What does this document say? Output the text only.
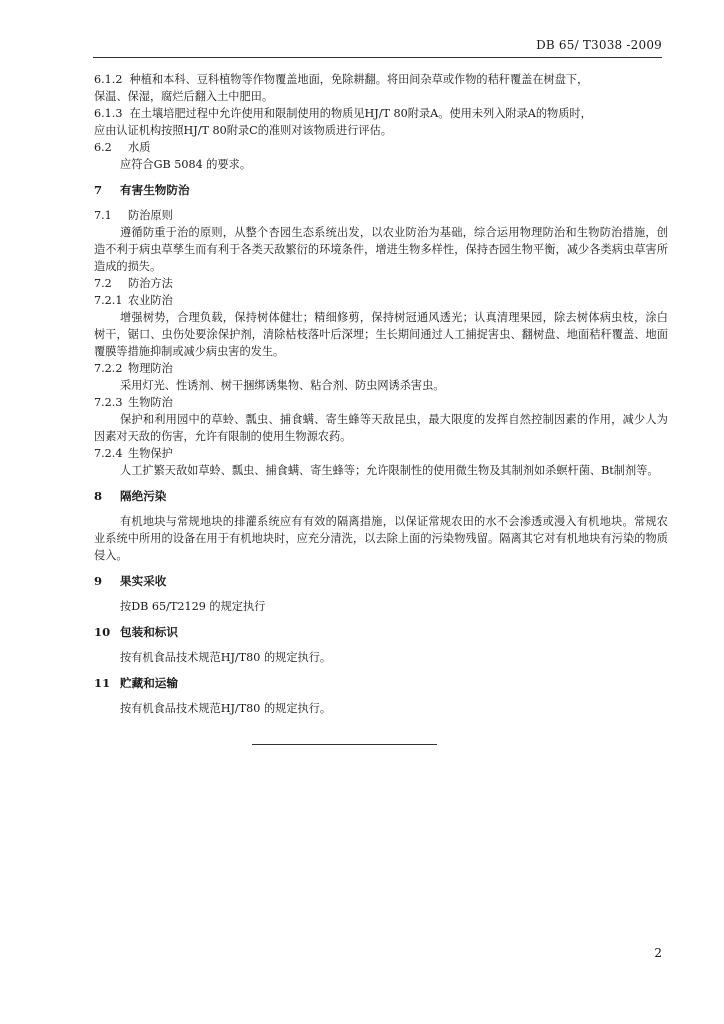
DB 65/ T3038 -2009
6.1.2 种植和本科、豆科植物等作物覆盖地面，免除耕翻。将田间杂草或作物的秸秆覆盖在树盘下，
保温、保湿，腐烂后翻入土中肥田。
6.1.3 在土壤培肥过程中允许使用和限制使用的物质见HJ/T 80附录A。使用未列入附录A的物质时，
应由认证机构按照HJ/T 80附录C的准则对该物质进行评估。
6.2 水质
应符合GB 5084 的要求。
7 有害生物防治
7.1 防治原则
遵循防重于治的原则，从整个杏园生态系统出发，以农业防治为基础，综合运用物理防治和生物防治措施，创造不利于病虫草孳生而有利于各类天敌繁衍的环境条件，增进生物多样性，保持杏园生物平衡，减少各类病虫草害所造成的损失。
7.2 防治方法
7.2.1 农业防治
增强树势，合理负载，保持树体健壮；精细修剪，保持树冠通风透光；认真清理果园，除去树体病虫枝，涂白树干，锯口、虫伤处要涂保护剂，清除枯枝落叶后深埋；生长期间通过人工捕捉害虫、翻树盘、地面秸秆覆盖、地面覆膜等措施抑制或减少病虫害的发生。
7.2.2 物理防治
采用灯光、性诱剂、树干捆绑诱集物、粘合剂、防虫网诱杀害虫。
7.2.3 生物防治
保护和利用园中的草蛉、瓢虫、捕食螨、寄生蜂等天敌昆虫，最大限度的发挥自然控制因素的作用，减少人为因素对天敌的伤害，允许有限制的使用生物源农药。
7.2.4 生物保护
人工扩繁天敌如草蛉、瓢虫、捕食螨、寄生蜂等；允许限制性的使用微生物及其制剂如杀螟杆菌、Bt制剂等。
8 隔绝污染
有机地块与常规地块的排灌系统应有有效的隔离措施，以保证常规农田的水不会渗透或漫入有机地块。常规农业系统中所用的设备在用于有机地块时，应充分清洗，以去除上面的污染物残留。隔离其它对有机地块有污染的物质侵入。
9 果实采收
按DB 65/T2129 的规定执行
10 包装和标识
按有机食品技术规范HJ/T80 的规定执行。
11 贮藏和运输
按有机食品技术规范HJ/T80 的规定执行。
2
